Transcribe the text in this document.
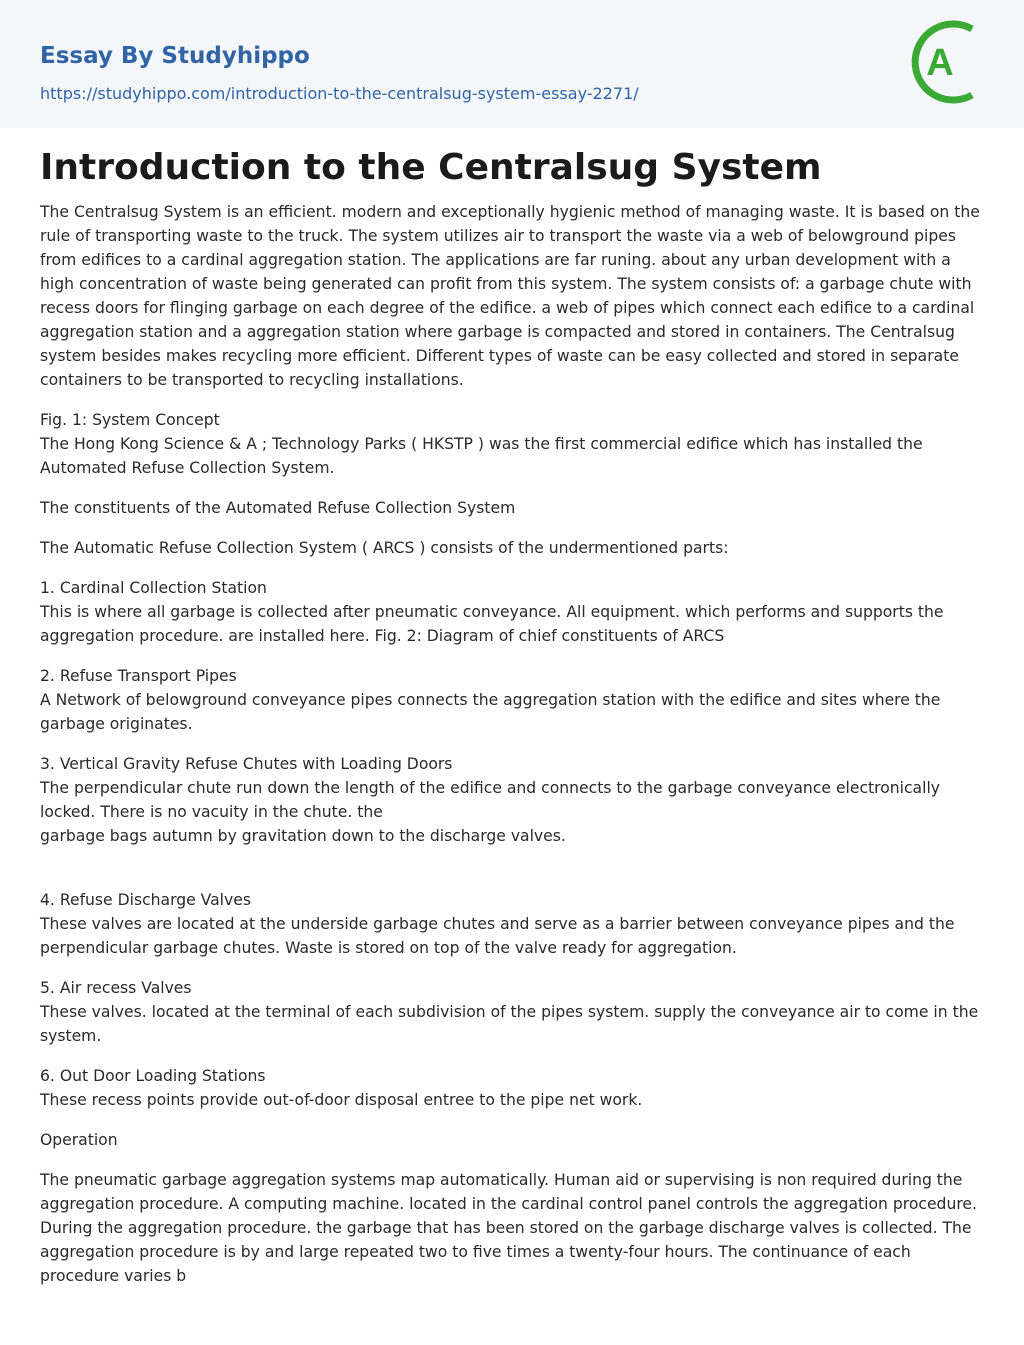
Essay By Studyhippo
https://studyhippo.com/introduction-to-the-centralsug-system-essay-2271/
A
Introduction to the Centralsug System

The Centralsug System is an efficient. modern and exceptionally hygienic method of managing waste. It is based on the rule of transporting waste to the truck. The system utilizes air to transport the waste via a web of belowground pipes from edifices to a cardinal aggregation station. The applications are far runing. about any urban development with a high concentration of waste being generated can profit from this system. The system consists of: a garbage chute with recess doors for flinging garbage on each degree of the edifice. a web of pipes which connect each edifice to a cardinal aggregation station and a aggregation station where garbage is compacted and stored in containers. The Centralsug system besides makes recycling more efficient. Different types of waste can be easy collected and stored in separate containers to be transported to recycling installations.

Fig. 1: System Concept
The Hong Kong Science & A ; Technology Parks ( HKSTP ) was the first commercial edifice which has installed the Automated Refuse Collection System.

The constituents of the Automated Refuse Collection System

The Automatic Refuse Collection System ( ARCS ) consists of the undermentioned parts:

1. Cardinal Collection Station
This is where all garbage is collected after pneumatic conveyance. All equipment. which performs and supports the aggregation procedure. are installed here. Fig. 2: Diagram of chief constituents of ARCS

2. Refuse Transport Pipes
A Network of belowground conveyance pipes connects the aggregation station with the edifice and sites where the garbage originates.

3. Vertical Gravity Refuse Chutes with Loading Doors
The perpendicular chute run down the length of the edifice and connects to the garbage conveyance electronically locked. There is no vacuity in the chute. the
garbage bags autumn by gravitation down to the discharge valves.

4. Refuse Discharge Valves
These valves are located at the underside garbage chutes and serve as a barrier between conveyance pipes and the perpendicular garbage chutes. Waste is stored on top of the valve ready for aggregation.

5. Air recess Valves
These valves. located at the terminal of each subdivision of the pipes system. supply the conveyance air to come in the system.

6. Out Door Loading Stations
These recess points provide out-of-door disposal entree to the pipe net work.

Operation

The pneumatic garbage aggregation systems map automatically. Human aid or supervising is non required during the aggregation procedure. A computing machine. located in the cardinal control panel controls the aggregation procedure. During the aggregation procedure. the garbage that has been stored on the garbage discharge valves is collected. The aggregation procedure is by and large repeated two to five times a twenty-four hours. The continuance of each procedure varies b
